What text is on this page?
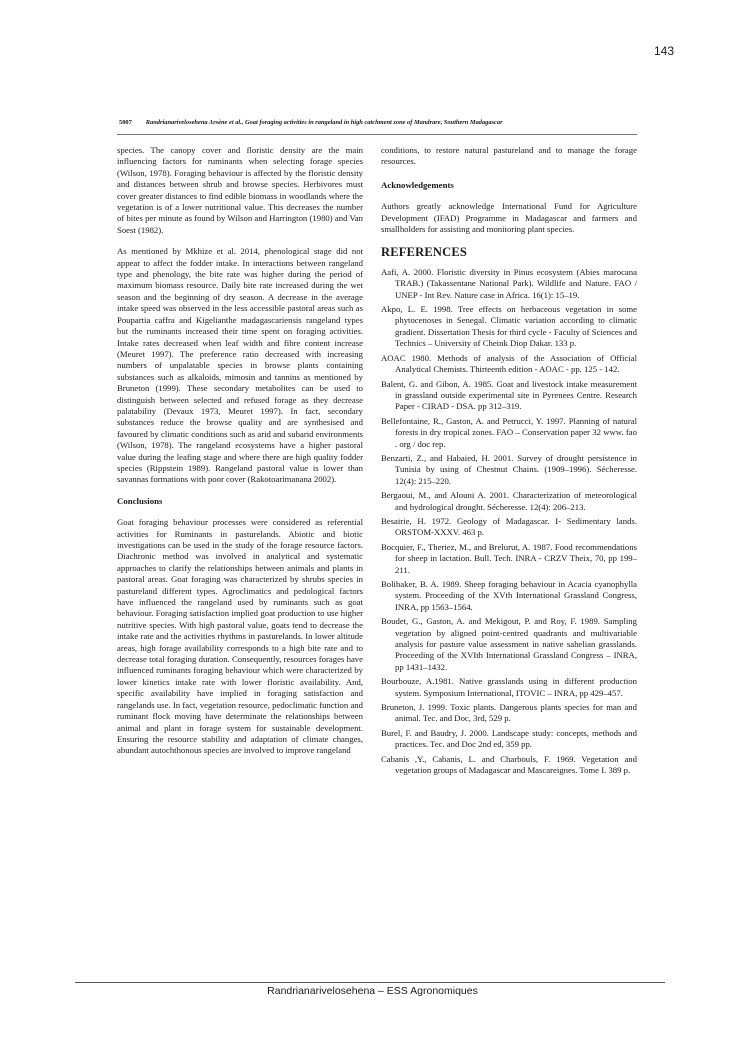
143
5007 Randrianarivelosehena Arsène et al., Goat foraging activities in rangeland in high catchment zone of Mandrare, Southern Madagascar

species. The canopy cover and floristic density are the main influencing factors for ruminants when selecting forage species (Wilson, 1978). Foraging behaviour is affected by the floristic density and distances between shrub and browse species. Herbivores must cover greater distances to find edible biomass in woodlands where the vegetation is of a lower nutritional value. This decreases the number of bites per minute as found by Wilson and Harrington (1980) and Van Soest (1982).

As mentioned by Mkhize et al. 2014, phenological stage did not appear to affect the fodder intake. In interactions between rangeland type and phenology, the bite rate was higher during the period of maximum biomass resource. Daily bite rate increased during the wet season and the beginning of dry season. A decrease in the average intake speed was observed in the less accessible pastoral areas such as Poupartia caffra and Kigelianthe madagascariensis rangeland types but the ruminants increased their time spent on foraging activities. Intake rates decreased when leaf width and fibre content increase (Meuret 1997). The preference ratio decreased with increasing numbers of unpalatable species in browse plants containing substances such as alkaloids, mimosin and tannins as mentioned by Bruneton (1999). These secondary metabolites can be used to distinguish between selected and refused forage as they decrease palatability (Devaux 1973, Meuret 1997). In fact, secondary substances reduce the browse quality and are synthesised and favoured by climatic conditions such as arid and subarid environments (Wilson, 1978). The rangeland ecosystems have a higher pastoral value during the leafing stage and where there are high quality fodder species (Rippstein 1989). Rangeland pastoral value is lower than savannas formations with poor cover (Rakotoarimanana 2002).

Conclusions

Goat foraging behaviour processes were considered as referential activities for Ruminants in pasturelands. Abiotic and biotic investigations can be used in the study of the forage resource factors. Diachronic method was involved in analytical and systematic approaches to clarify the relationships between animals and plants in pastoral areas. Goat foraging was characterized by shrubs species in pastureland different types. Agroclimatics and pedological factors have influenced the rangeland used by ruminants such as goat behaviour. Foraging satisfaction implied goat production to use higher nutritive species. With high pastoral value, goats tend to decrease the intake rate and the activities rhythms in pasturelands. In lower altitude areas, high forage availability corresponds to a high bite rate and to decrease total foraging duration. Consequently, resources forages have influenced ruminants foraging behaviour which were characterized by lower kinetics intake rate with lower floristic availability. And, specific availability have implied in foraging satisfaction and rangelands use. In fact, vegetation resource, pedoclimatic function and ruminant flock moving have determinate the relationships between animal and plant in forage system for sustainable development. Ensuring the resource stability and adaptation of climate changes, abundant autochthonous species are involved to improve rangeland

conditions, to restore natural pastureland and to manage the forage resources.

Acknowledgements

Authors greatly acknowledge International Fund for Agriculture Development (IFAD) Programme in Madagascar and farmers and smallholders for assisting and monitoring plant species.

REFERENCES
Aafi, A. 2000. Floristic diversity in Pinus ecosystem (Abies marocana TRAB.) (Takassentane National Park). Wildlife and Nature. FAO / UNEP - Int Rev. Nature case in Africa. 16(1): 15–19.
Akpo, L. E. 1998. Tree effects on herbaceous vegetation in some phytocenoses in Senegal. Climatic variation according to climatic gradient. Dissertation Thesis for third cycle - Faculty of Sciences and Technics – University of Cheink Diop Dakar. 133 p.
AOAC 1980. Methods of analysis of the Association of Official Analytical Chemists. Thirteenth edition - AOAC - pp. 125 - 142.
Balent, G. and Gibon, A. 1985. Goat and livestock intake measurement in grassland outside experimental site in Pyrenees Centre. Research Paper - CIRAD - DSA. pp 312–319.
Bellefontaine, R., Gaston, A. and Petrucci, Y. 1997. Planning of natural forests in dry tropical zones. FAO – Conservation paper 32 www. fao . org / doc rep.
Benzarti, Z., and Habaied, H. 2001. Survey of drought persistence in Tunisia by using of Chestnut Chains. (1909–1996). Sécheresse. 12(4): 215–220.
Bergaoui, M., and Alouni A. 2001. Characterization of meteorological and hydrological drought. Sécheresse. 12(4): 206–213.
Besairie, H. 1972. Geology of Madagascar. I- Sedimentary lands. ORSTOM-XXXV. 463 p.
Bocquier, F., Theriez, M., and Brelurut, A. 1987. Food recommendations for sheep in lactation. Bull. Tech. INRA - CRZV Theix, 70, pp 199–211.
Bolibaker, B. A. 1989. Sheep foraging behaviour in Acacia cyanophylla system. Proceeding of the XVth International Grassland Congress, INRA, pp 1563–1564.
Boudet, G., Gaston, A. and Mekigout, P. and Roy, F. 1989. Sampling vegetation by aligned point-centred quadrants and multivariable analysis for pasture value assessment in native sahelian grasslands. Proceeding of the XVIth International Grassland Congress – INRA, pp 1431–1432.
Bourbouze, A.1981. Native grasslands using in different production system. Symposium International, ITOVIC – INRA, pp 429–457.
Bruneton, J. 1999. Toxic plants. Dangerous plants species for man and animal. Tec. and Doc, 3rd, 529 p.
Burel, F. and Baudry, J. 2000. Landscape study: concepts, methods and practices. Tec. and Doc 2nd ed, 359 pp.
Cabanis ,Y., Cabanis, L. and Charbouls, F. 1969. Vegetation and vegetation groups of Madagascar and Mascareignes. Tome I. 389 p.
Randrianarivelosehena – ESS Agronomiques
